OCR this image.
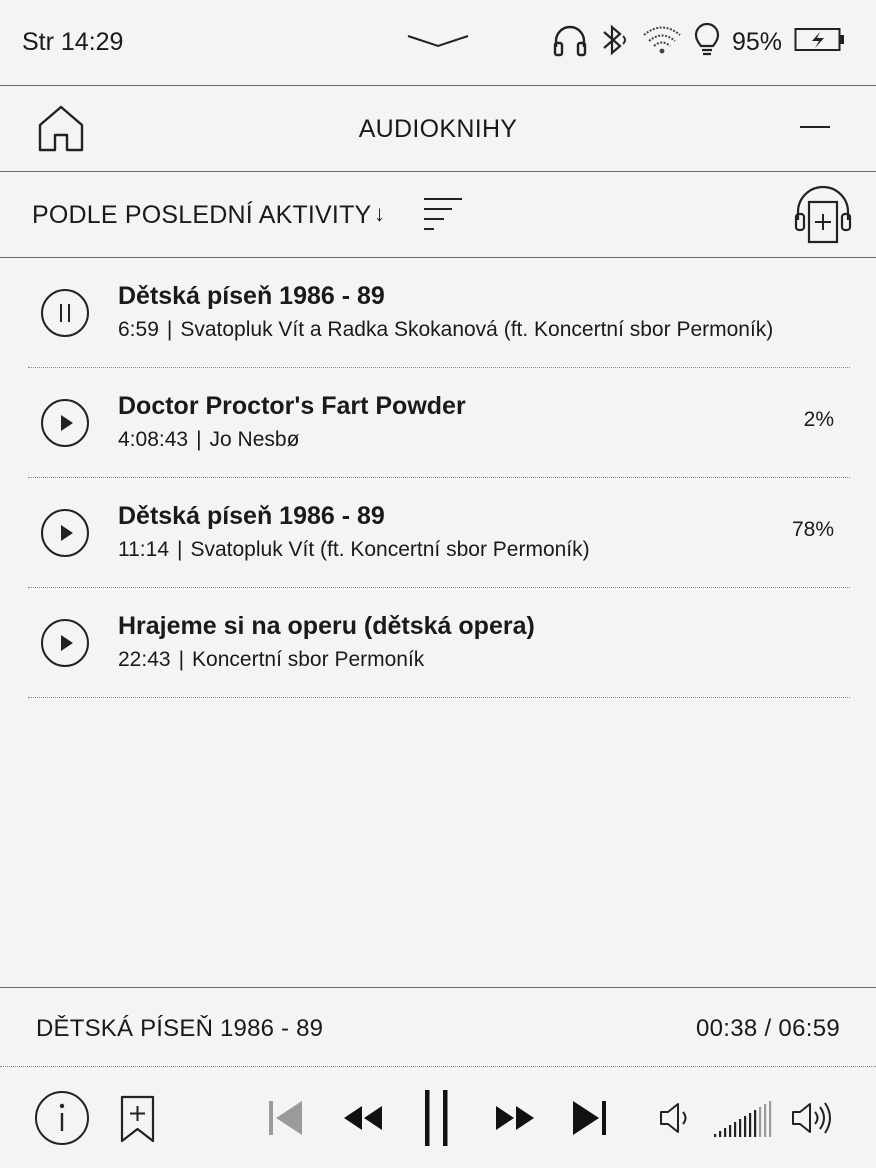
Str 14:29	95%
AUDIOKNIHY
PODLE POSLEDNÍ AKTIVITY ↓
Dětská píseň 1986 - 89
6:59 | Svatopluk Vít a Radka Skokanová (ft. Koncertní sbor Permoník)
Doctor Proctor's Fart Powder
4:08:43 | Jo Nesbø
2%
Dětská píseň 1986 - 89
11:14 | Svatopluk Vít (ft. Koncertní sbor Permoník)
78%
Hrajeme si na operu (dětská opera)
22:43 | Koncertní sbor Permoník
DĚTSKÁ PÍSEŇ 1986 - 89	00:38 / 06:59
